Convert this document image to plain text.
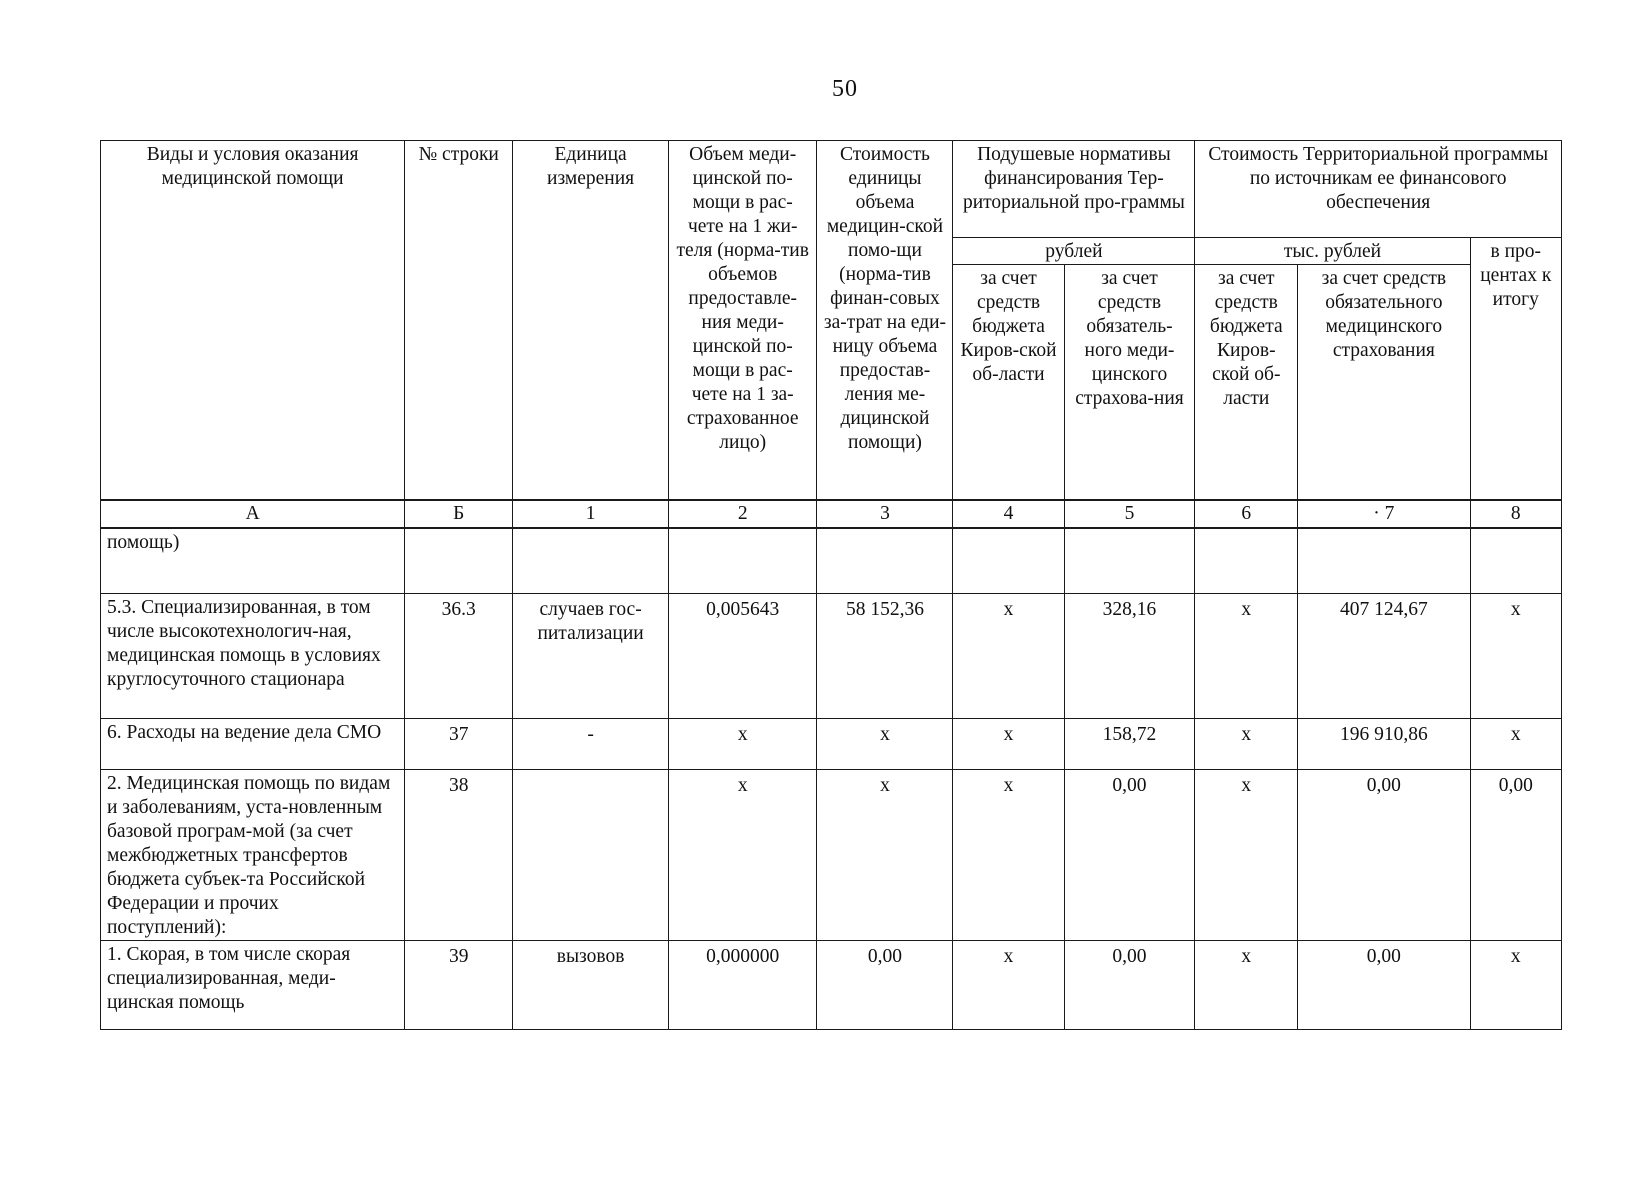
50
Виды и условия оказания медицинской помощи	№ строки	Единица измерения	Объем меди-цинской по-мощи в рас-чете на 1 жи-теля (норма-тив объемов предоставле-ния меди-цинской по-мощи в рас-чете на 1 за-страхованное лицо)	Стоимость единицы объема медицин-ской помо-щи (норма-тив финан-совых за-трат на еди-ницу объема предостав-ления ме-дицинской помощи)	Подушевые нормативы финансирования Тер-риториальной про-граммы		Стоимость Территориальной программы по источникам ее финансового обеспечения		
					рублей		тыс. рублей		в про-центах к итогу
					за счет средств бюджета Киров-ской об-ласти	за счет средств обязатель-ного меди-цинского страхова-ния	за счет средств бюджета Киров-ской об-ласти	за счет средств обязательного медицинского страхования	
А	Б	1	2	3	4	5	6	· 7	8
помощь)									
5.3. Специализированная, в том числе высокотехнологич-ная, медицинская помощь в условиях круглосуточного стационара	36.3	случаев гос-питализации	0,005643	58 152,36	х	328,16	х	407 124,67	х
6. Расходы на ведение дела СМО	37	-	х	х	х	158,72	х	196 910,86	х
2. Медицинская помощь по видам и заболеваниям, уста-новленным базовой програм-мой (за счет межбюджетных трансфертов бюджета субъек-та Российской Федерации и прочих поступлений):	38		х	х	х	0,00	х	0,00	0,00
1. Скорая, в том числе скорая специализированная, меди-цинская помощь	39	вызовов	0,000000	0,00	х	0,00	х	0,00	х
